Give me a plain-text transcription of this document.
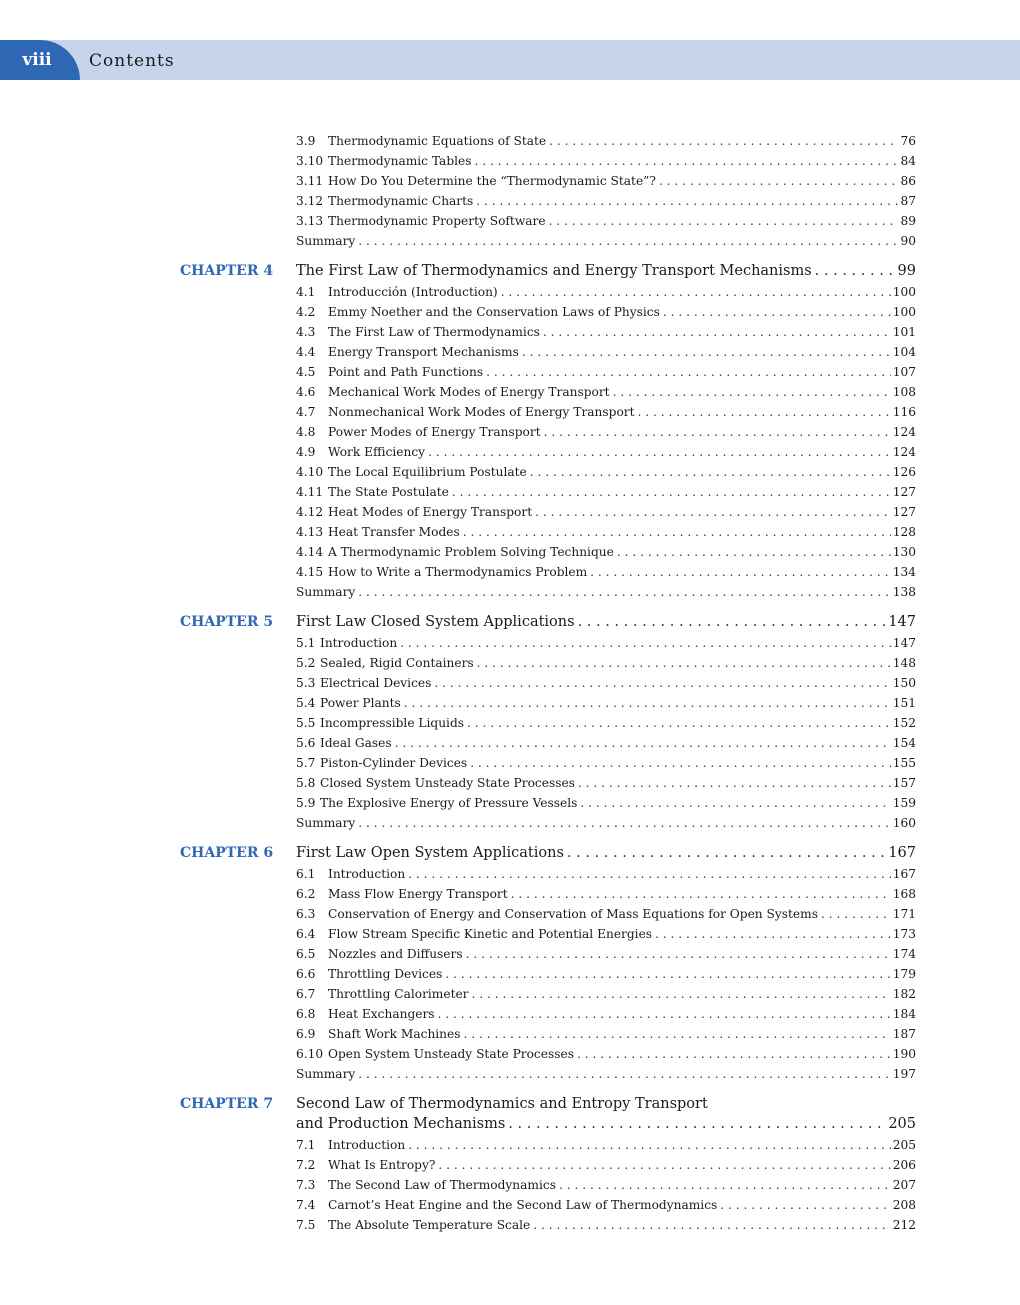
viii	Contents
3.9	Thermodynamic Equations of State . . .	76
3.10 Thermodynamic Tables . . .	84
3.11 How Do You Determine the “Thermodynamic State”? . . .	86
3.12 Thermodynamic Charts . . .	87
3.13 Thermodynamic Property Software . . .	89
Summary . . .	90
CHAPTER 4 The First Law of Thermodynamics and Energy Transport Mechanisms . . .	99
4.1	Introducción (Introduction) . . .	100
4.2	Emmy Noether and the Conservation Laws of Physics . . .	100
4.3	The First Law of Thermodynamics . . .	101
4.4	Energy Transport Mechanisms . . .	104
4.5	Point and Path Functions . . .	107
4.6	Mechanical Work Modes of Energy Transport . . .	108
4.7	Nonmechanical Work Modes of Energy Transport . . .	116
4.8	Power Modes of Energy Transport . . .	124
4.9	Work Efficiency . . .	124
4.10 The Local Equilibrium Postulate . . .	126
4.11 The State Postulate . . .	127
4.12 Heat Modes of Energy Transport . . .	127
4.13 Heat Transfer Modes . . .	128
4.14 A Thermodynamic Problem Solving Technique . . .	130
4.15 How to Write a Thermodynamics Problem . . .	134
Summary . . .	138
CHAPTER 5 First Law Closed System Applications . . .	147
5.1 Introduction . . .	147
5.2 Sealed, Rigid Containers . . .	148
5.3 Electrical Devices . . .	150
5.4 Power Plants . . .	151
5.5 Incompressible Liquids . . .	152
5.6 Ideal Gases . . .	154
5.7 Piston-Cylinder Devices . . .	155
5.8 Closed System Unsteady State Processes . . .	157
5.9 The Explosive Energy of Pressure Vessels . . .	159
Summary . . .	160
CHAPTER 6 First Law Open System Applications . . .	167
6.1	Introduction . . .	167
6.2	Mass Flow Energy Transport . . .	168
6.3	Conservation of Energy and Conservation of Mass Equations for Open Systems . . .	171
6.4	Flow Stream Specific Kinetic and Potential Energies . . .	173
6.5	Nozzles and Diffusers . . .	174
6.6	Throttling Devices . . .	179
6.7	Throttling Calorimeter . . .	182
6.8	Heat Exchangers . . .	184
6.9	Shaft Work Machines . . .	187
6.10 Open System Unsteady State Processes . . .	190
Summary . . .	197
CHAPTER 7 Second Law of Thermodynamics and Entropy Transport
and Production Mechanisms . . .	205
7.1	Introduction . . .	205
7.2	What Is Entropy? . . .	206
7.3	The Second Law of Thermodynamics . . .	207
7.4	Carnot’s Heat Engine and the Second Law of Thermodynamics . . .	208
7.5	The Absolute Temperature Scale . . .	212
